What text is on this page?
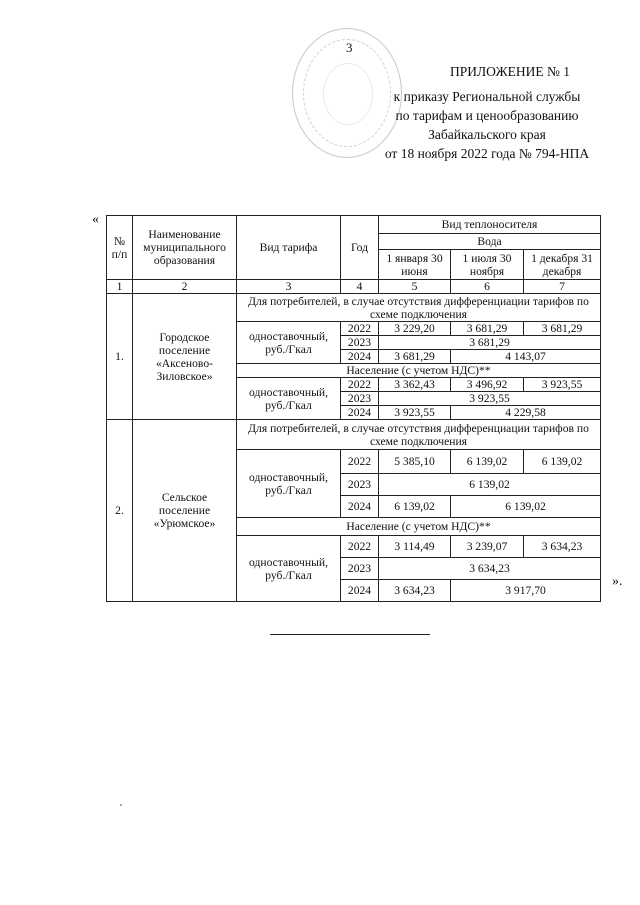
3
ПРИЛОЖЕНИЕ № 1
к приказу Региональной службы
по тарифам и ценообразованию
Забайкальского края
от 18 ноября 2022 года № 794-НПА
«
№ п/п	Наименование муниципального образования	Вид тарифа	Год	Вид теплоносителя		
				Вода		
				1 января 30 июня	1 июля 30 ноября	1 декабря 31 декабря
1	2	3	4	5	6	7
1.	Городское поселение «Аксеново-Зиловское»	Для потребителей, в случае отсутствия дифференциации тарифов по схеме подключения				
		одноставочный, руб./Гкал	2022	3 229,20	3 681,29	3 681,29
			2023	3 681,29		
			2024	3 681,29	4 143,07	
		Население (с учетом НДС)**				
		одноставочный, руб./Гкал	2022	3 362,43	3 496,92	3 923,55
			2023	3 923,55		
			2024	3 923,55	4 229,58	
2.	Сельское поселение «Урюмское»	Для потребителей, в случае отсутствия дифференциации тарифов по схеме подключения				
		одноставочный, руб./Гкал	2022	5 385,10	6 139,02	6 139,02
			2023	6 139,02		
			2024	6 139,02	6 139,02	
		Население (с учетом НДС)**				
		одноставочный, руб./Гкал	2022	3 114,49	3 239,07	3 634,23
			2023	3 634,23		
			2024	3 634,23	3 917,70	
».
